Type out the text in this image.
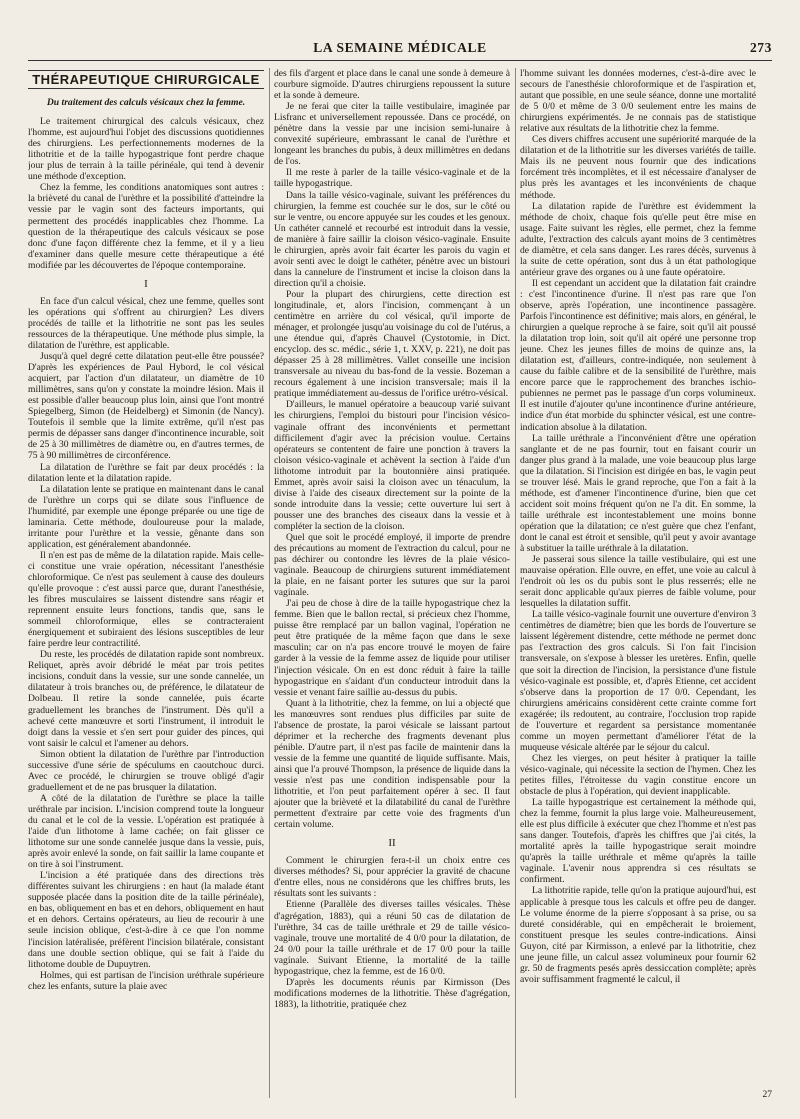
LA SEMAINE MÉDICALE	273
THÉRAPEUTIQUE CHIRURGICALE
Du traitement des calculs vésicaux chez la femme.

Le traitement chirurgical des calculs vésicaux, chez l'homme, est aujourd'hui l'objet des discussions quotidiennes des chirurgiens. Les perfectionnements modernes de la lithotritie et de la taille hypogastrique font perdre chaque jour plus de terrain à la taille périnéale, qui tend à devenir une méthode d'exception.

Chez la femme, les conditions anatomiques sont autres : la brièveté du canal de l'urèthre et la possibilité d'atteindre la vessie par le vagin sont des facteurs importants, qui permettent des procédés inapplicables chez l'homme. La question de la thérapeutique des calculs vésicaux se pose donc d'une façon différente chez la femme, et il y a lieu d'examiner dans quelle mesure cette thérapeutique a été modifiée par les découvertes de l'époque contemporaine.

I

En face d'un calcul vésical, chez une femme, quelles sont les opérations qui s'offrent au chirurgien? Les divers procédés de taille et la lithotritie ne sont pas les seules ressources de la thérapeutique. Une méthode plus simple, la dilatation de l'urèthre, est applicable.

Jusqu'à quel degré cette dilatation peut-elle être poussée? D'après les expériences de Paul Hybord, le col vésical acquiert, par l'action d'un dilatateur, un diamètre de 10 millimètres, sans qu'on y constate la moindre lésion. Mais il est possible d'aller beaucoup plus loin, ainsi que l'ont montré Spiegelberg, Simon (de Heidelberg) et Simonin (de Nancy). Toutefois il semble que la limite extrême, qu'il n'est pas permis de dépasser sans danger d'incontinence incurable, soit de 25 à 30 millimètres de diamètre ou, en d'autres termes, de 75 à 90 millimètres de circonférence.

La dilatation de l'urèthre se fait par deux procédés : la dilatation lente et la dilatation rapide.

La dilatation lente se pratique en maintenant dans le canal de l'urèthre un corps qui se dilate sous l'influence de l'humidité, par exemple une éponge préparée ou une tige de laminaria. Cette méthode, douloureuse pour la malade, irritante pour l'urèthre et la vessie, gênante dans son application, est généralement abandonnée.

Il n'en est pas de même de la dilatation rapide. Mais celle-ci constitue une vraie opération, nécessitant l'anesthésie chloroformique. Ce n'est pas seulement à cause des douleurs qu'elle provoque : c'est aussi parce que, durant l'anesthésie, les fibres musculaires se laissent distendre sans réagir et reprennent ensuite leurs fonctions, tandis que, sans le sommeil chloroformique, elles se contracteraient énergiquement et subiraient des lésions susceptibles de leur faire perdre leur contractilité.

Du reste, les procédés de dilatation rapide sont nombreux. Reliquet, après avoir débridé le méat par trois petites incisions, conduit dans la vessie, sur une sonde cannelée, un dilatateur à trois branches ou, de préférence, le dilatateur de Dolbeau. Il retire la sonde cannelée, puis écarte graduellement les branches de l'instrument. Dès qu'il a achevé cette manœuvre et sorti l'instrument, il introduit le doigt dans la vessie et s'en sert pour guider des pinces, qui vont saisir le calcul et l'amener au dehors.

Simon obtient la dilatation de l'urèthre par l'introduction successive d'une série de spéculums en caoutchouc durci. Avec ce procédé, le chirurgien se trouve obligé d'agir graduellement et de ne pas brusquer la dilatation.

A côté de la dilatation de l'urèthre se place la taille uréthrale par incision. L'incision comprend toute la longueur du canal et le col de la vessie. L'opération est pratiquée à l'aide d'un lithotome à lame cachée; on fait glisser ce lithotome sur une sonde cannelée jusque dans la vessie, puis, après avoir enlevé la sonde, on fait saillir la lame coupante et on tire à soi l'instrument.

L'incision a été pratiquée dans des directions très différentes suivant les chirurgiens : en haut (la malade étant supposée placée dans la position dite de la taille périnéale), en bas, obliquement en bas et en dehors, obliquement en haut et en dehors. Certains opérateurs, au lieu de recourir à une seule incision oblique, c'est-à-dire à ce que l'on nomme l'incision latéralisée, préfèrent l'incision bilatérale, consistant dans une double section oblique, qui se fait à l'aide du lithotome double de Dupuytren.

Holmes, qui est partisan de l'incision uréthrale supérieure chez les enfants, suture la plaie avec

des fils d'argent et place dans le canal une sonde à demeure à courbure sigmoïde. D'autres chirurgiens repoussent la suture et la sonde à demeure.

Je ne ferai que citer la taille vestibulaire, imaginée par Lisfranc et universellement repoussée. Dans ce procédé, on pénètre dans la vessie par une incision semi-lunaire à convexité supérieure, embrassant le canal de l'urèthre et longeant les branches du pubis, à deux millimètres en dedans de l'os.

Il me reste à parler de la taille vésico-vaginale et de la taille hypogastrique.

Dans la taille vésico-vaginale, suivant les préférences du chirurgien, la femme est couchée sur le dos, sur le côté ou sur le ventre, ou encore appuyée sur les coudes et les genoux. Un cathéter cannelé et recourbé est introduit dans la vessie, de manière à faire saillir la cloison vésico-vaginale. Ensuite le chirurgien, après avoir fait écarter les parois du vagin et avoir senti avec le doigt le cathéter, pénètre avec un bistouri dans la cannelure de l'instrument et incise la cloison dans la direction qu'il a choisie.

Pour la plupart des chirurgiens, cette direction est longitudinale, et, alors l'incision, commençant à un centimètre en arrière du col vésical, qu'il importe de ménager, et prolongée jusqu'au voisinage du col de l'utérus, a une étendue qui, d'après Chauvel (Cystotomie, in Dict. encyclop. des sc. médic., série 1, t. XXV, p. 221), ne doit pas dépasser 25 à 28 millimètres. Vallet conseille une incision transversale au niveau du bas-fond de la vessie. Bozeman a recours également à une incision transversale; mais il la pratique immédiatement au-dessus de l'orifice urétro-vésical.

D'ailleurs, le manuel opératoire a beaucoup varié suivant les chirurgiens, l'emploi du bistouri pour l'incision vésico-vaginale offrant des inconvénients et permettant difficilement d'agir avec la précision voulue. Certains opérateurs se contentent de faire une ponction à travers la cloison vésico-vaginale et achèvent la section à l'aide d'un lithotome introduit par la boutonnière ainsi pratiquée. Emmet, après avoir saisi la cloison avec un ténaculum, la divise à l'aide des ciseaux directement sur la pointe de la sonde introduite dans la vessie; cette ouverture lui sert à pousser une des branches des ciseaux dans la vessie et à compléter la section de la cloison.

Quel que soit le procédé employé, il importe de prendre des précautions au moment de l'extraction du calcul, pour ne pas déchirer ou contondre les lèvres de la plaie vésico-vaginale. Beaucoup de chirurgiens suturent immédiatement la plaie, en ne faisant porter les sutures que sur la paroi vaginale.

J'ai peu de chose à dire de la taille hypogastrique chez la femme. Bien que le ballon rectal, si précieux chez l'homme, puisse être remplacé par un ballon vaginal, l'opération ne peut être pratiquée de la même façon que dans le sexe masculin; car on n'a pas encore trouvé le moyen de faire garder à la vessie de la femme assez de liquide pour utiliser l'injection vésicale. On en est donc réduit à faire la taille hypogastrique en s'aidant d'un conducteur introduit dans la vessie et venant faire saillie au-dessus du pubis.

Quant à la lithotritie, chez la femme, on lui a objecté que les manœuvres sont rendues plus difficiles par suite de l'absence de prostate, la paroi vésicale se laissant partout déprimer et la recherche des fragments devenant plus pénible. D'autre part, il n'est pas facile de maintenir dans la vessie de la femme une quantité de liquide suffisante. Mais, ainsi que l'a prouvé Thompson, la présence de liquide dans la vessie n'est pas une condition indispensable pour la lithotritie, et l'on peut parfaitement opérer à sec. Il faut ajouter que la brièveté et la dilatabilité du canal de l'urèthre permettent d'extraire par cette voie des fragments d'un certain volume.

II

Comment le chirurgien fera-t-il un choix entre ces diverses méthodes? Si, pour apprécier la gravité de chacune d'entre elles, nous ne considérons que les chiffres bruts, les résultats sont les suivants :

Etienne (Parallèle des diverses tailles vésicales. Thèse d'agrégation, 1883), qui a réuni 50 cas de dilatation de l'urèthre, 34 cas de taille uréthrale et 29 de taille vésico-vaginale, trouve une mortalité de 4 0/0 pour la dilatation, de 24 0/0 pour la taille uréthrale et de 17 0/0 pour la taille vaginale. Suivant Etienne, la mortalité de la taille hypogastrique, chez la femme, est de 16 0/0.

D'après les documents réunis par Kirmisson (Des modifications modernes de la lithotritie. Thèse d'agrégation, 1883), la lithotritie, pratiquée chez

l'homme suivant les données modernes, c'est-à-dire avec le secours de l'anesthésie chloroformique et de l'aspiration et, autant que possible, en une seule séance, donne une mortalité de 5 0/0 et même de 3 0/0 seulement entre les mains de chirurgiens expérimentés. Je ne connais pas de statistique relative aux résultats de la lithotritie chez la femme.

Ces divers chiffres accusent une supériorité marquée de la dilatation et de la lithotritie sur les diverses variétés de taille. Mais ils ne peuvent nous fournir que des indications forcément très incomplètes, et il est nécessaire d'analyser de plus près les avantages et les inconvénients de chaque méthode.

La dilatation rapide de l'urèthre est évidemment la méthode de choix, chaque fois qu'elle peut être mise en usage. Faite suivant les règles, elle permet, chez la femme adulte, l'extraction des calculs ayant moins de 3 centimètres de diamètre, et cela sans danger. Les rares décès, survenus à la suite de cette opération, sont dus à un état pathologique antérieur grave des organes ou à une faute opératoire.

Il est cependant un accident que la dilatation fait craindre : c'est l'incontinence d'urine. Il n'est pas rare que l'on observe, après l'opération, une incontinence passagère. Parfois l'incontinence est définitive; mais alors, en général, le chirurgien a quelque reproche à se faire, soit qu'il ait poussé la dilatation trop loin, soit qu'il ait opéré une personne trop jeune. Chez les jeunes filles de moins de quinze ans, la dilatation est, d'ailleurs, contre-indiquée, non seulement à cause du faible calibre et de la sensibilité de l'urèthre, mais encore parce que le rapprochement des branches ischio-pubiennes ne permet pas le passage d'un corps volumineux. Il est inutile d'ajouter qu'une incontinence d'urine antérieure, indice d'un état morbide du sphincter vésical, est une contre-indication absolue à la dilatation.

La taille uréthrale a l'inconvénient d'être une opération sanglante et de ne pas fournir, tout en faisant courir un danger plus grand à la malade, une voie beaucoup plus large que la dilatation. Si l'incision est dirigée en bas, le vagin peut se trouver lésé. Mais le grand reproche, que l'on a fait à la méthode, est d'amener l'incontinence d'urine, bien que cet accident soit moins fréquent qu'on ne l'a dit. En somme, la taille uréthrale est incontestablement une moins bonne opération que la dilatation; ce n'est guère que chez l'enfant, dont le canal est étroit et sensible, qu'il peut y avoir avantage à substituer la taille uréthrale à la dilatation.

Je passerai sous silence la taille vestibulaire, qui est une mauvaise opération. Elle ouvre, en effet, une voie au calcul à l'endroit où les os du pubis sont le plus resserrés; elle ne serait donc applicable qu'aux pierres de faible volume, pour lesquelles la dilatation suffit.

La taille vésico-vaginale fournit une ouverture d'environ 3 centimètres de diamètre; bien que les bords de l'ouverture se laissent légèrement distendre, cette méthode ne permet donc pas l'extraction des gros calculs. Si l'on fait l'incision transversale, on s'expose à blesser les uretères. Enfin, quelle que soit la direction de l'incision, la persistance d'une fistule vésico-vaginale est possible, et, d'après Etienne, cet accident s'observe dans la proportion de 17 0/0. Cependant, les chirurgiens américains considèrent cette crainte comme fort exagérée; ils redoutent, au contraire, l'occlusion trop rapide de l'ouverture et regardent sa persistance momentanée comme un moyen permettant d'améliorer l'état de la muqueuse vésicale altérée par le séjour du calcul.

Chez les vierges, on peut hésiter à pratiquer la taille vésico-vaginale, qui nécessite la section de l'hymen. Chez les petites filles, l'étroitesse du vagin constitue encore un obstacle de plus à l'opération, qui devient inapplicable.

La taille hypogastrique est certainement la méthode qui, chez la femme, fournit la plus large voie. Malheureusement, elle est plus difficile à exécuter que chez l'homme et n'est pas sans danger. Toutefois, d'après les chiffres que j'ai cités, la mortalité après la taille hypogastrique serait moindre qu'après la taille uréthrale et même qu'après la taille vaginale. L'avenir nous apprendra si ces résultats se confirment.

La lithotritie rapide, telle qu'on la pratique aujourd'hui, est applicable à presque tous les calculs et offre peu de danger. Le volume énorme de la pierre s'opposant à sa prise, ou sa dureté considérable, qui en empêcherait le broiement, constituent presque les seules contre-indications. Ainsi Guyon, cité par Kirmisson, a enlevé par la lithotritie, chez une jeune fille, un calcul assez volumineux pour fournir 62 gr. 50 de fragments pesés après dessiccation complète; après avoir suffisamment fragmenté le calcul, il

27
